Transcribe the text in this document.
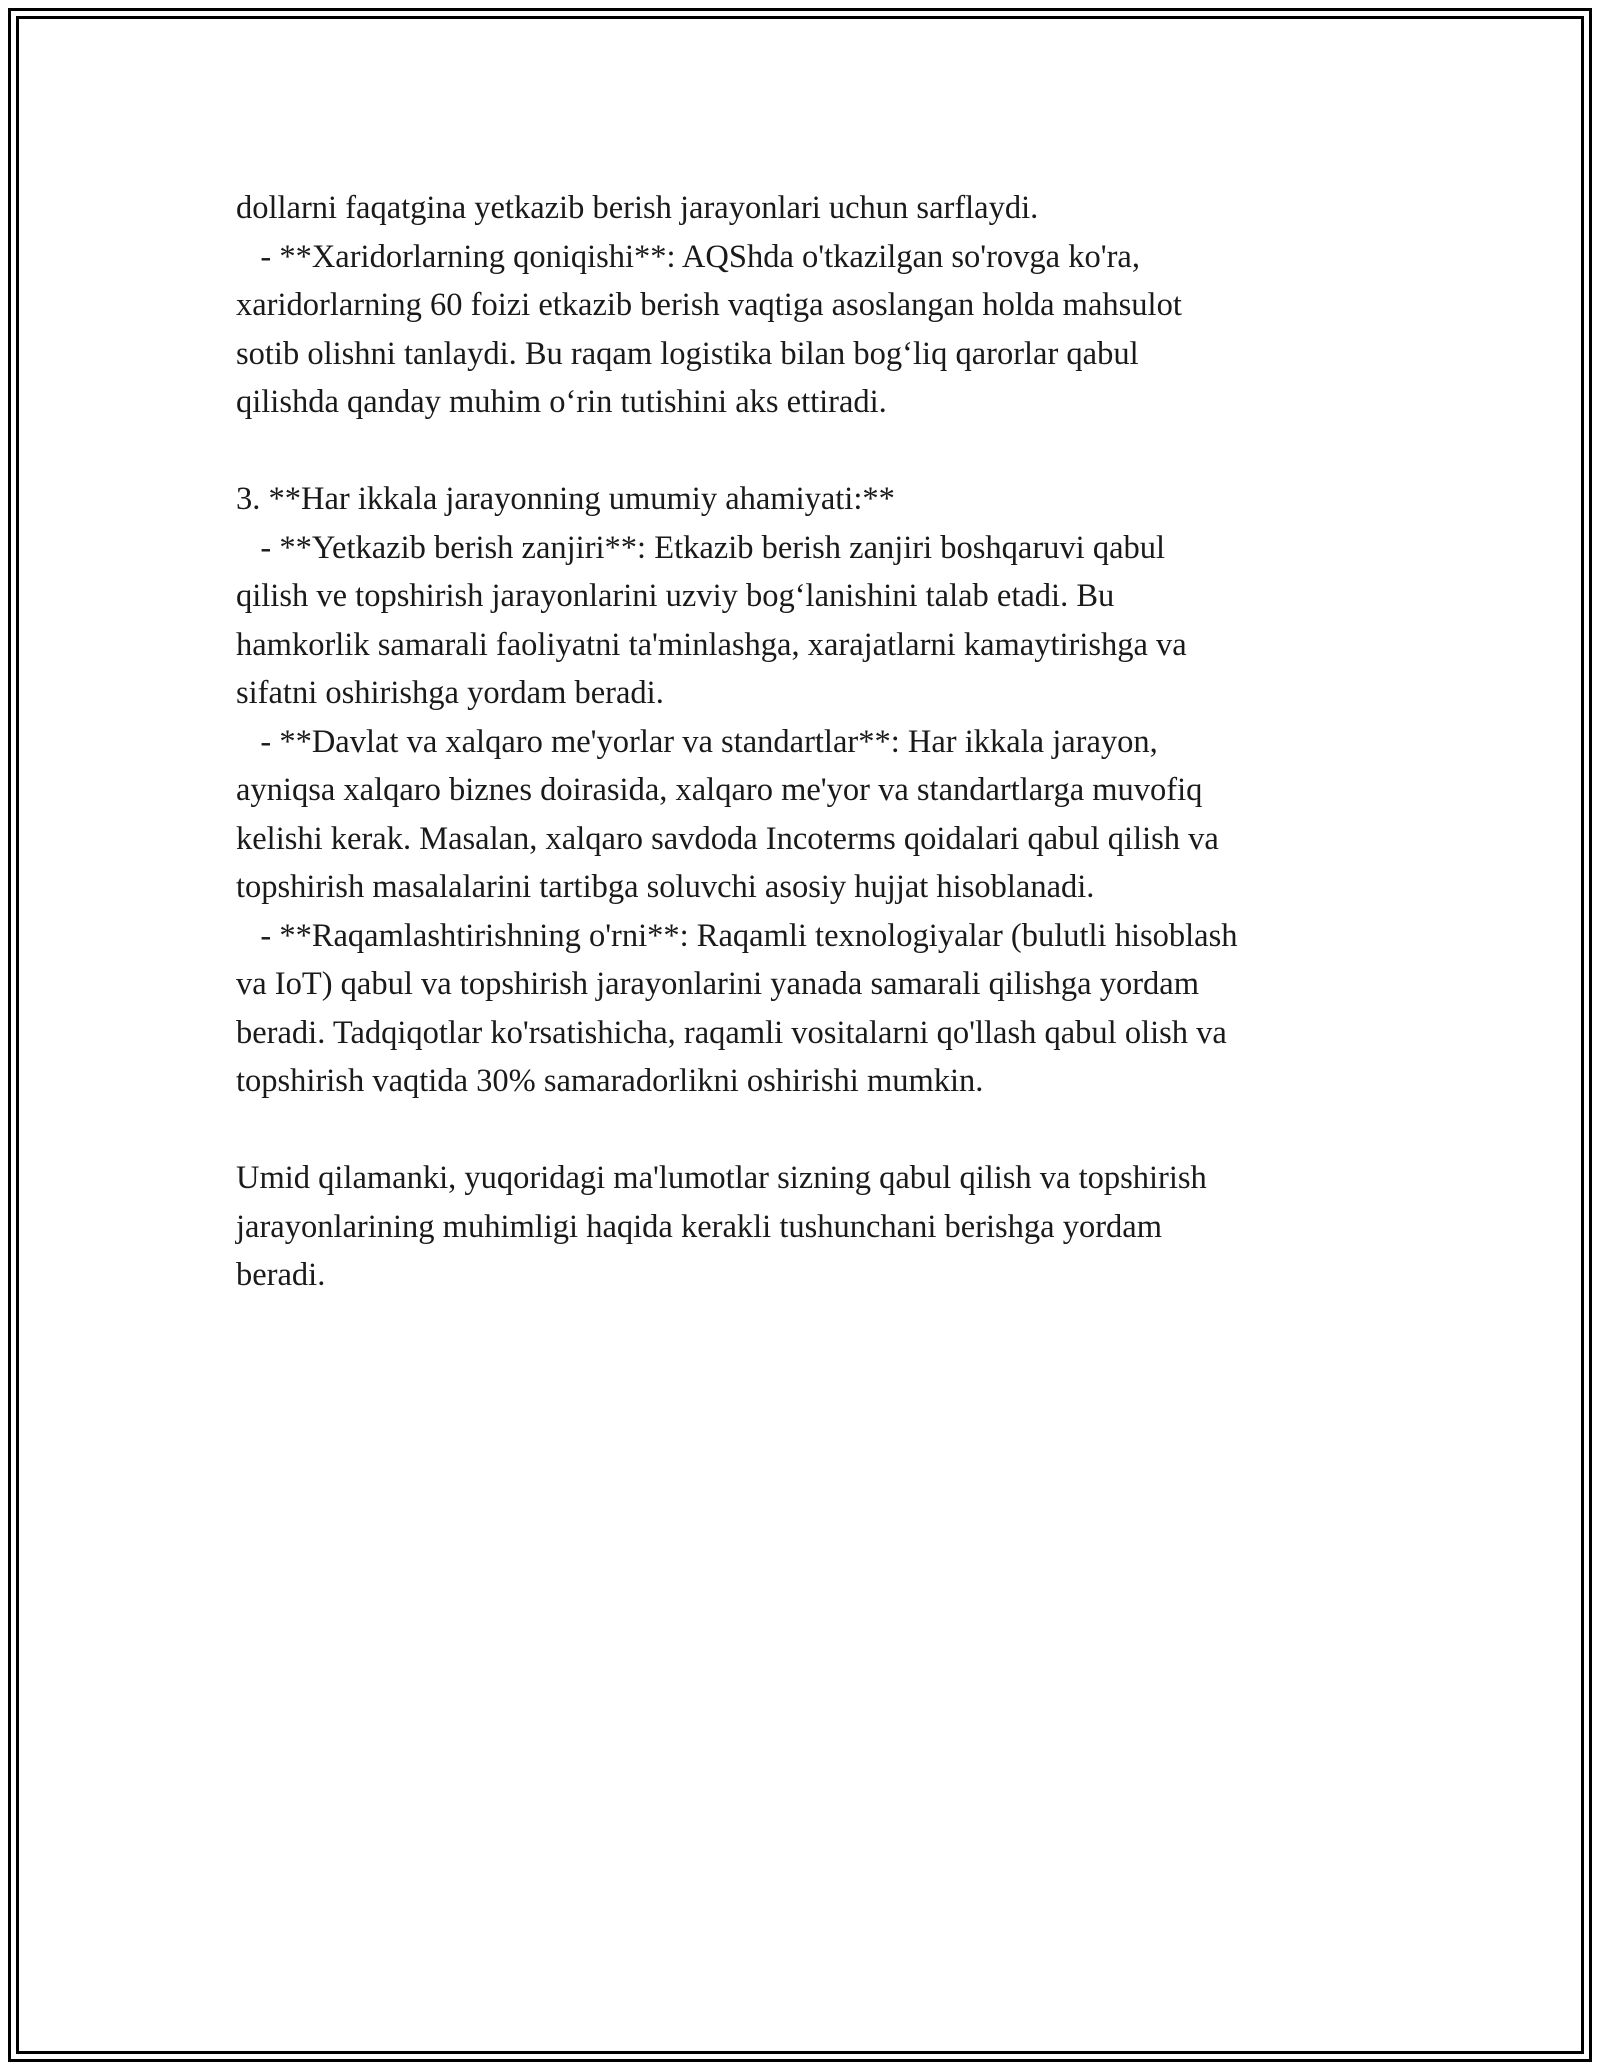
dollarni faqatgina yetkazib berish jarayonlari uchun sarflaydi.
- **Xaridorlarning qoniqishi**: AQShda o'tkazilgan so'rovga ko'ra,
xaridorlarning 60 foizi etkazib berish vaqtiga asoslangan holda mahsulot
sotib olishni tanlaydi. Bu raqam logistika bilan bog‘liq qarorlar qabul
qilishda qanday muhim o‘rin tutishini aks ettiradi.
3. **Har ikkala jarayonning umumiy ahamiyati:**
- **Yetkazib berish zanjiri**: Etkazib berish zanjiri boshqaruvi qabul
qilish ve topshirish jarayonlarini uzviy bog‘lanishini talab etadi. Bu
hamkorlik samarali faoliyatni ta'minlashga, xarajatlarni kamaytirishga va
sifatni oshirishga yordam beradi.
- **Davlat va xalqaro me'yorlar va standartlar**: Har ikkala jarayon,
ayniqsa xalqaro biznes doirasida, xalqaro me'yor va standartlarga muvofiq
kelishi kerak. Masalan, xalqaro savdoda Incoterms qoidalari qabul qilish va
topshirish masalalarini tartibga soluvchi asosiy hujjat hisoblanadi.
- **Raqamlashtirishning o'rni**: Raqamli texnologiyalar (bulutli hisoblash
va IoT) qabul va topshirish jarayonlarini yanada samarali qilishga yordam
beradi. Tadqiqotlar ko'rsatishicha, raqamli vositalarni qo'llash qabul olish va
topshirish vaqtida 30% samaradorlikni oshirishi mumkin.
Umid qilamanki, yuqoridagi ma'lumotlar sizning qabul qilish va topshirish
jarayonlarining muhimligi haqida kerakli tushunchani berishga yordam
beradi.
